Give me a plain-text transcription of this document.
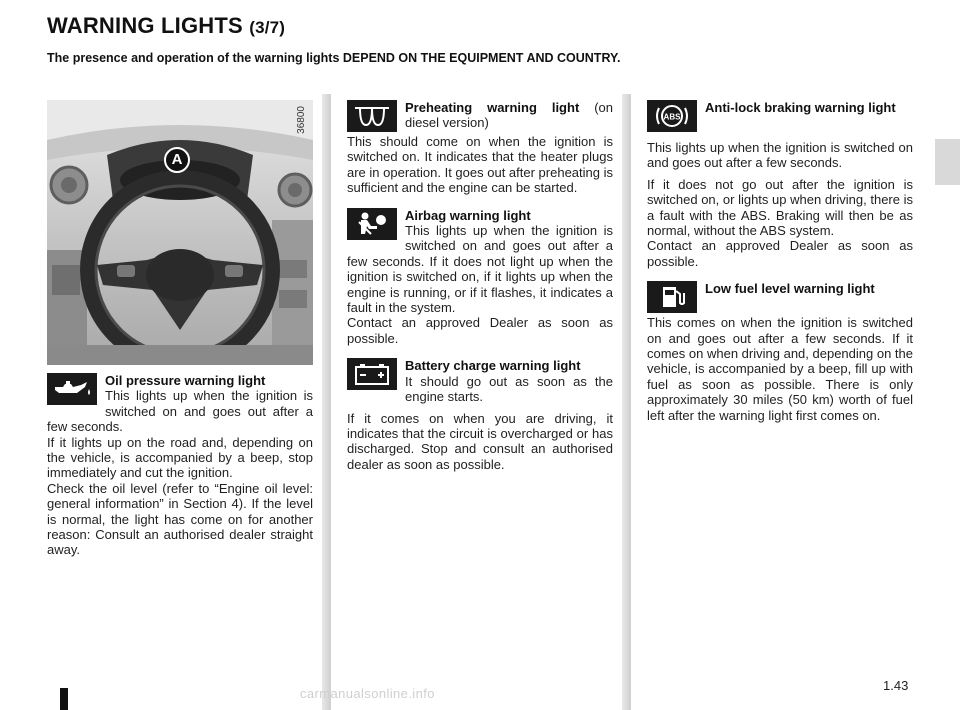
WARNING LIGHTS (3/7)

The presence and operation of the warning lights DEPEND ON THE EQUIPMENT AND COUNTRY.

36800
A
Oil pressure warning light
This lights up when the ignition is switched on and goes out after a few seconds.

If it lights up on the road and, depending on the vehicle, is accompanied by a beep, stop immediately and cut the ignition.

Check the oil level (refer to “Engine oil level: general information” in Section 4). If the level is normal, the light has come on for another reason: Consult an authorised dealer straight away.

Preheating warning light (on diesel version)

This should come on when the ignition is switched on. It indicates that the heater plugs are in operation. It goes out after preheating is sufficient and the engine can be started.

Airbag warning light
This lights up when the ignition is switched on and goes out after a few seconds. If it does not light up when the ignition is switched on, if it lights up when the engine is running, or if it flashes, it indicates a fault in the system.

Contact an approved Dealer as soon as possible.

Battery charge warning light
It should go out as soon as the engine starts.

If it comes on when you are driving, it indicates that the circuit is overcharged or has discharged. Stop and consult an authorised dealer as soon as possible.

ABS
Anti-lock braking warning light

This lights up when the ignition is switched on and goes out after a few seconds.

If it does not go out after the ignition is switched on, or lights up when driving, there is a fault with the ABS. Braking will then be as normal, without the ABS system.

Contact an approved Dealer as soon as possible.

Low fuel level warning light

This comes on when the ignition is switched on and goes out after a few seconds. If it comes on when driving and, depending on the vehicle, is accompanied by a beep, fill up with fuel as soon as possible. There is only approximately 30 miles (50 km) worth of fuel left after the warning light first comes on.

1.43
carmanualsonline.info
